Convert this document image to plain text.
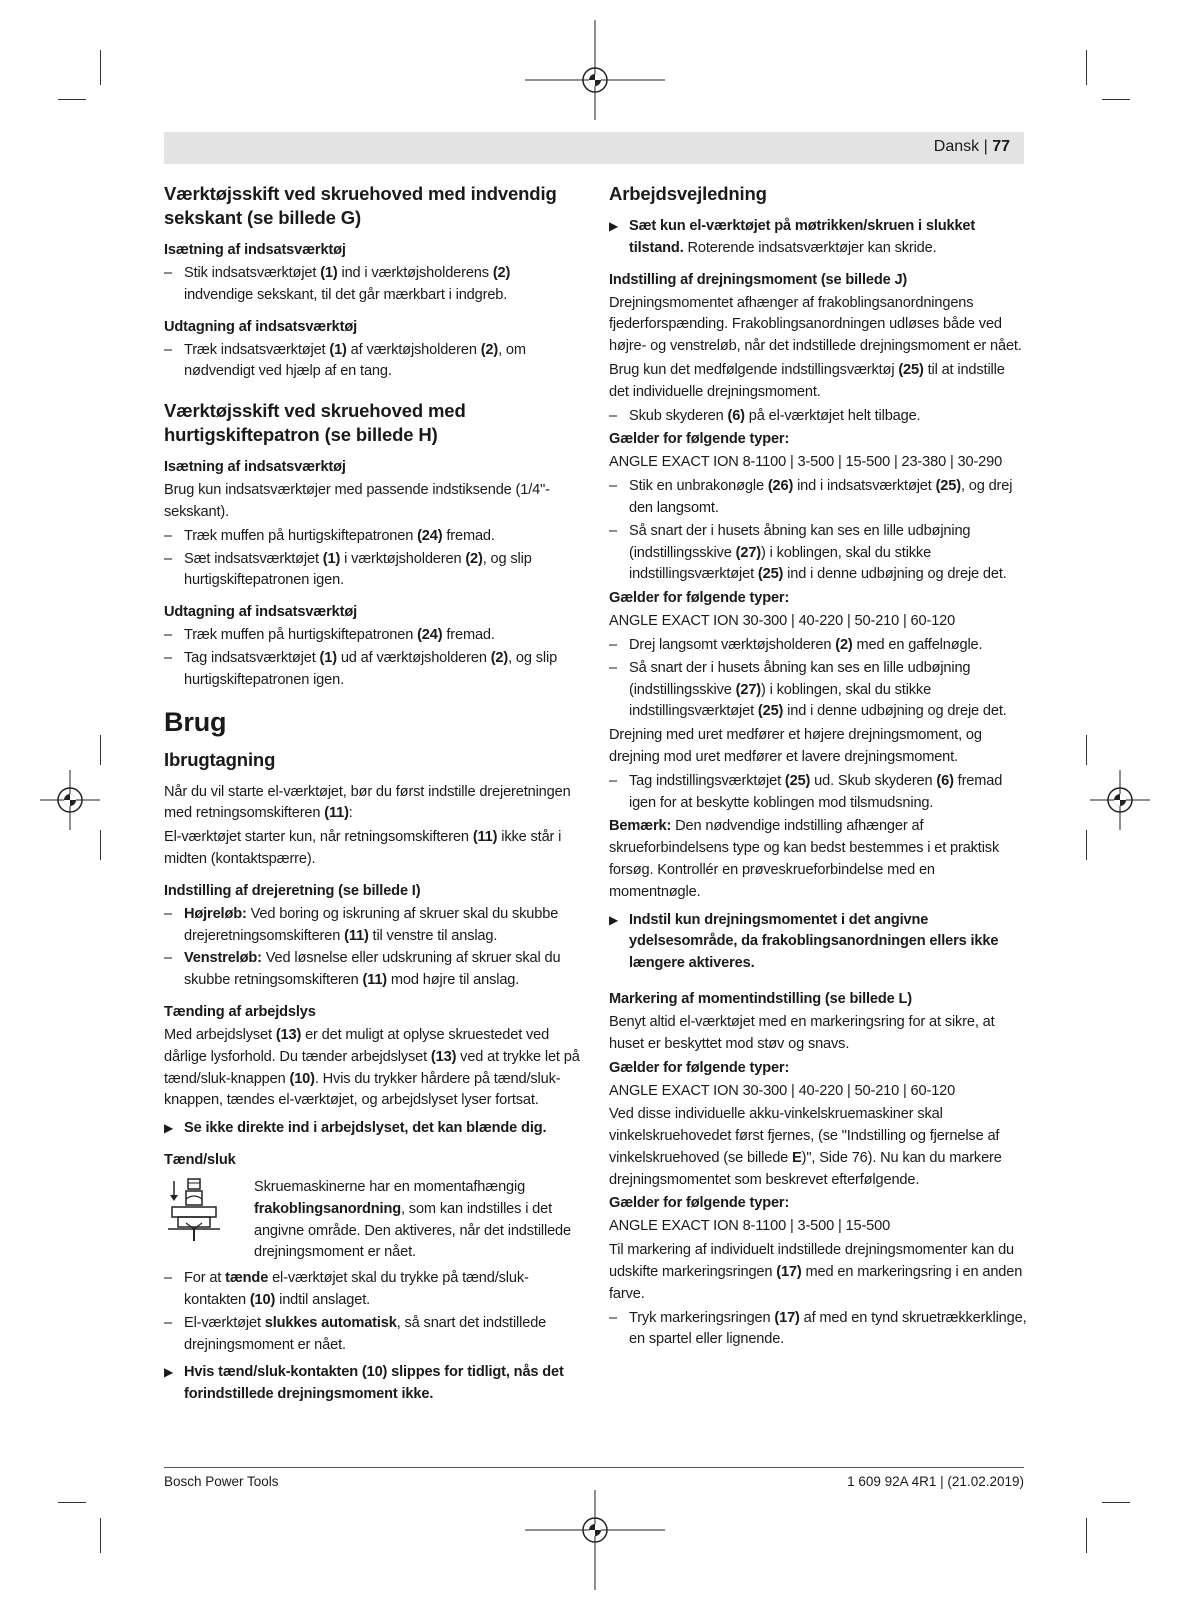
Dansk | 77
Værktøjsskift ved skruehoved med indvendig sekskant (se billede G)
Isætning af indsatsværktøj
– Stik indsatsværktøjet (1) ind i værktøjsholderens (2) indvendige sekskant, til det går mærkbart i indgreb.
Udtagning af indsatsværktøj
– Træk indsatsværktøjet (1) af værktøjsholderen (2), om nødvendigt ved hjælp af en tang.
Værktøjsskift ved skruehoved med hurtigskiftepatron (se billede H)
Isætning af indsatsværktøj

Brug kun indsatsværktøjer med passende indstiksende (1/4"-sekskant).

– Træk muffen på hurtigskiftepatronen (24) fremad.
– Sæt indsatsværktøjet (1) i værktøjsholderen (2), og slip hurtigskiftepatronen igen.
Udtagning af indsatsværktøj
– Træk muffen på hurtigskiftepatronen (24) fremad.
– Tag indsatsværktøjet (1) ud af værktøjsholderen (2), og slip hurtigskiftepatronen igen.
Brug
Ibrugtagning

Når du vil starte el-værktøjet, bør du først indstille drejeretningen med retningsomskifteren (11):

El-værktøjet starter kun, når retningsomskifteren (11) ikke står i midten (kontaktspærre).

Indstilling af drejeretning (se billede I)
– Højreløb: Ved boring og iskruning af skruer skal du skubbe drejeretningsomskifteren (11) til venstre til anslag.
– Venstreløb: Ved løsnelse eller udskruning af skruer skal du skubbe retningsomskifteren (11) mod højre til anslag.
Tænding af arbejdslys

Med arbejdslyset (13) er det muligt at oplyse skruestedet ved dårlige lysforhold. Du tænder arbejdslyset (13) ved at trykke let på tænd/sluk-knappen (10). Hvis du trykker hårdere på tænd/sluk-knappen, tændes el-værktøjet, og arbejdslyset lyser fortsat.

▶ Se ikke direkte ind i arbejdslyset, det kan blænde dig.
Tænd/sluk

Skruemaskinerne har en momentafhængig frakoblingsanordning, som kan indstilles i det angivne område. Den aktiveres, når det indstillede drejningsmoment er nået.

– For at tænde el-værktøjet skal du trykke på tænd/sluk-kontakten (10) indtil anslaget.
– El-værktøjet slukkes automatisk, så snart det indstillede drejningsmoment er nået.
▶ Hvis tænd/sluk-kontakten (10) slippes for tidligt, nås det forindstillede drejningsmoment ikke.
Arbejdsvejledning
▶ Sæt kun el-værktøjet på møtrikken/skruen i slukket tilstand. Roterende indsatsværktøjer kan skride.
Indstilling af drejningsmoment (se billede J)

Drejningsmomentet afhænger af frakoblingsanordningens fjederforspænding. Frakoblingsanordningen udløses både ved højre- og venstreløb, når det indstillede drejningsmoment er nået.

Brug kun det medfølgende indstillingsværktøj (25) til at indstille det individuelle drejningsmoment.

– Skub skyderen (6) på el-værktøjet helt tilbage.
Gælder for følgende typer:

ANGLE EXACT ION 8-1100 | 3-500 | 15-500 | 23-380 | 30-290

– Stik en unbrakonøgle (26) ind i indsatsværktøjet (25), og drej den langsomt.
– Så snart der i husets åbning kan ses en lille udbøjning (indstillingsskive (27)) i koblingen, skal du stikke indstillingsværktøjet (25) ind i denne udbøjning og dreje det.
Gælder for følgende typer:

ANGLE EXACT ION 30-300 | 40-220 | 50-210 | 60-120

– Drej langsomt værktøjsholderen (2) med en gaffelnøgle.
– Så snart der i husets åbning kan ses en lille udbøjning (indstillingsskive (27)) i koblingen, skal du stikke indstillingsværktøjet (25) ind i denne udbøjning og dreje det.

Drejning med uret medfører et højere drejningsmoment, og drejning mod uret medfører et lavere drejningsmoment.

– Tag indstillingsværktøjet (25) ud. Skub skyderen (6) fremad igen for at beskytte koblingen mod tilsmudsning.

Bemærk: Den nødvendige indstilling afhænger af skrueforbindelsens type og kan bedst bestemmes i et praktisk forsøg. Kontrollér en prøveskrueforbindelse med en momentnøgle.

▶ Indstil kun drejningsmomentet i det angivne ydelsesområde, da frakoblingsanordningen ellers ikke længere aktiveres.
Markering af momentindstilling (se billede L)

Benyt altid el-værktøjet med en markeringsring for at sikre, at huset er beskyttet mod støv og snavs.

Gælder for følgende typer:

ANGLE EXACT ION 30-300 | 40-220 | 50-210 | 60-120

Ved disse individuelle akku-vinkelskruemaskiner skal vinkelskruehovedet først fjernes, (se "Indstilling og fjernelse af vinkelskruehoved (se billede E)", Side 76). Nu kan du markere drejningsmomentet som beskrevet efterfølgende.

Gælder for følgende typer:

ANGLE EXACT ION 8-1100 | 3-500 | 15-500

Til markering af individuelt indstillede drejningsmomenter kan du udskifte markeringsringen (17) med en markeringsring i en anden farve.

– Tryk markeringsringen (17) af med en tynd skruetrækkerklinge, en spartel eller lignende.
Bosch Power Tools	1 609 92A 4R1 | (21.02.2019)
